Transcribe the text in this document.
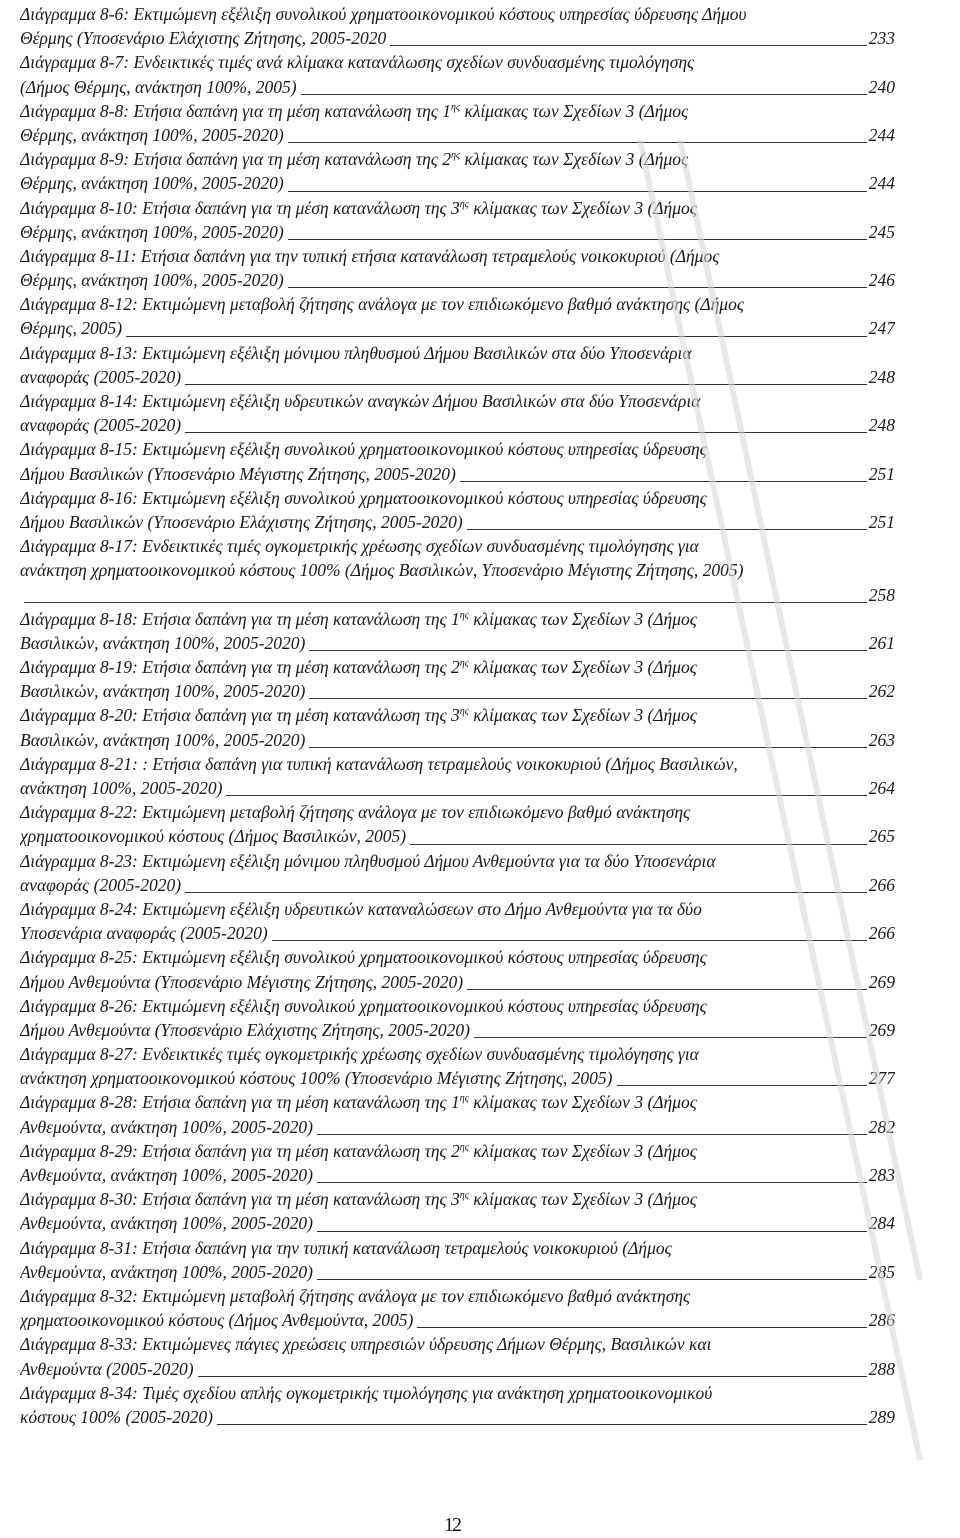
Διάγραμμα 8-6: Εκτιμώμενη εξέλιξη συνολικού χρηματοοικονομικού κόστους υπηρεσίας ύδρευσης Δήμου
Θέρμης (Υποσενάριο Ελάχιστης Ζήτησης, 2005-2020	233
Διάγραμμα 8-7: Ενδεικτικές τιμές ανά κλίμακα κατανάλωσης σχεδίων συνδυασμένης τιμολόγησης
(Δήμος Θέρμης, ανάκτηση 100%, 2005)	240
Διάγραμμα 8-8: Ετήσια δαπάνη για τη μέση κατανάλωση της $1^{\eta\varsigma}$ κλίμακας των Σχεδίων 3 (Δήμος
Θέρμης, ανάκτηση 100%, 2005-2020)	244
Διάγραμμα 8-9: Ετήσια δαπάνη για τη μέση κατανάλωση της $2^{\eta\varsigma}$ κλίμακας των Σχεδίων 3 (Δήμος
Θέρμης, ανάκτηση 100%, 2005-2020)	244
Διάγραμμα 8-10: Ετήσια δαπάνη για τη μέση κατανάλωση της $3^{\eta\varsigma}$ κλίμακας των Σχεδίων 3 (Δήμος
Θέρμης, ανάκτηση 100%, 2005-2020)	245
Διάγραμμα 8-11: Ετήσια δαπάνη για την τυπική ετήσια κατανάλωση τετραμελούς νοικοκυριού (Δήμος
Θέρμης, ανάκτηση 100%, 2005-2020)	246
Διάγραμμα 8-12: Εκτιμώμενη μεταβολή ζήτησης ανάλογα με τον επιδιωκόμενο βαθμό ανάκτησης (Δήμος
Θέρμης, 2005)	247
Διάγραμμα 8-13: Εκτιμώμενη εξέλιξη μόνιμου πληθυσμού Δήμου Βασιλικών στα δύο Υποσενάρια
αναφοράς (2005-2020)	248
Διάγραμμα 8-14: Εκτιμώμενη εξέλιξη υδρευτικών αναγκών Δήμου Βασιλικών στα δύο Υποσενάρια
αναφοράς (2005-2020)	248
Διάγραμμα 8-15: Εκτιμώμενη εξέλιξη συνολικού χρηματοοικονομικού κόστους υπηρεσίας ύδρευσης
Δήμου Βασιλικών (Υποσενάριο Μέγιστης Ζήτησης, 2005-2020)	251
Διάγραμμα 8-16: Εκτιμώμενη εξέλιξη συνολικού χρηματοοικονομικού κόστους υπηρεσίας ύδρευσης
Δήμου Βασιλικών (Υποσενάριο Ελάχιστης Ζήτησης, 2005-2020)	251
Διάγραμμα 8-17: Ενδεικτικές τιμές ογκομετρικής χρέωσης σχεδίων συνδυασμένης τιμολόγησης για
ανάκτηση χρηματοοικονομικού κόστους 100% (Δήμος Βασιλικών, Υποσενάριο Μέγιστης Ζήτησης, 2005)
258
Διάγραμμα 8-18: Ετήσια δαπάνη για τη μέση κατανάλωση της $1^{\eta\varsigma}$ κλίμακας των Σχεδίων 3 (Δήμος
Βασιλικών, ανάκτηση 100%, 2005-2020)	261
Διάγραμμα 8-19: Ετήσια δαπάνη για τη μέση κατανάλωση της $2^{\eta\varsigma}$ κλίμακας των Σχεδίων 3 (Δήμος
Βασιλικών, ανάκτηση 100%, 2005-2020)	262
Διάγραμμα 8-20: Ετήσια δαπάνη για τη μέση κατανάλωση της $3^{\eta\varsigma}$ κλίμακας των Σχεδίων 3 (Δήμος
Βασιλικών, ανάκτηση 100%, 2005-2020)	263
Διάγραμμα 8-21: : Ετήσια δαπάνη για τυπική κατανάλωση τετραμελούς νοικοκυριού (Δήμος Βασιλικών,
ανάκτηση 100%, 2005-2020)	264
Διάγραμμα 8-22: Εκτιμώμενη μεταβολή ζήτησης ανάλογα με τον επιδιωκόμενο βαθμό ανάκτησης
χρηματοοικονομικού κόστους (Δήμος Βασιλικών, 2005)	265
Διάγραμμα 8-23: Εκτιμώμενη εξέλιξη μόνιμου πληθυσμού Δήμου Ανθεμούντα για τα δύο Υποσενάρια
αναφοράς (2005-2020)	266
Διάγραμμα 8-24: Εκτιμώμενη εξέλιξη υδρευτικών καταναλώσεων στο Δήμο Ανθεμούντα για τα δύο
Υποσενάρια αναφοράς (2005-2020)	266
Διάγραμμα 8-25: Εκτιμώμενη εξέλιξη συνολικού χρηματοοικονομικού κόστους υπηρεσίας ύδρευσης
Δήμου Ανθεμούντα (Υποσενάριο Μέγιστης Ζήτησης, 2005-2020)	269
Διάγραμμα 8-26: Εκτιμώμενη εξέλιξη συνολικού χρηματοοικονομικού κόστους υπηρεσίας ύδρευσης
Δήμου Ανθεμούντα (Υποσενάριο Ελάχιστης Ζήτησης, 2005-2020)	269
Διάγραμμα 8-27: Ενδεικτικές τιμές ογκομετρικής χρέωσης σχεδίων συνδυασμένης τιμολόγησης για
ανάκτηση χρηματοοικονομικού κόστους 100% (Υποσενάριο Μέγιστης Ζήτησης, 2005)	277
Διάγραμμα 8-28: Ετήσια δαπάνη για τη μέση κατανάλωση της $1^{\eta\varsigma}$ κλίμακας των Σχεδίων 3 (Δήμος
Ανθεμούντα, ανάκτηση 100%, 2005-2020)	282
Διάγραμμα 8-29: Ετήσια δαπάνη για τη μέση κατανάλωση της $2^{\eta\varsigma}$ κλίμακας των Σχεδίων 3 (Δήμος
Ανθεμούντα, ανάκτηση 100%, 2005-2020)	283
Διάγραμμα 8-30: Ετήσια δαπάνη για τη μέση κατανάλωση της $3^{\eta\varsigma}$ κλίμακας των Σχεδίων 3 (Δήμος
Ανθεμούντα, ανάκτηση 100%, 2005-2020)	284
Διάγραμμα 8-31: Ετήσια δαπάνη για την τυπική κατανάλωση τετραμελούς νοικοκυριού (Δήμος
Ανθεμούντα, ανάκτηση 100%, 2005-2020)	285
Διάγραμμα 8-32: Εκτιμώμενη μεταβολή ζήτησης ανάλογα με τον επιδιωκόμενο βαθμό ανάκτησης
χρηματοοικονομικού κόστους (Δήμος Ανθεμούντα, 2005)	286
Διάγραμμα 8-33: Εκτιμώμενες πάγιες χρεώσεις υπηρεσιών ύδρευσης Δήμων Θέρμης, Βασιλικών και
Ανθεμούντα (2005-2020)	288
Διάγραμμα 8-34: Τιμές σχεδίου απλής ογκομετρικής τιμολόγησης για ανάκτηση χρηματοοικονομικού
κόστους 100% (2005-2020)	289
12
